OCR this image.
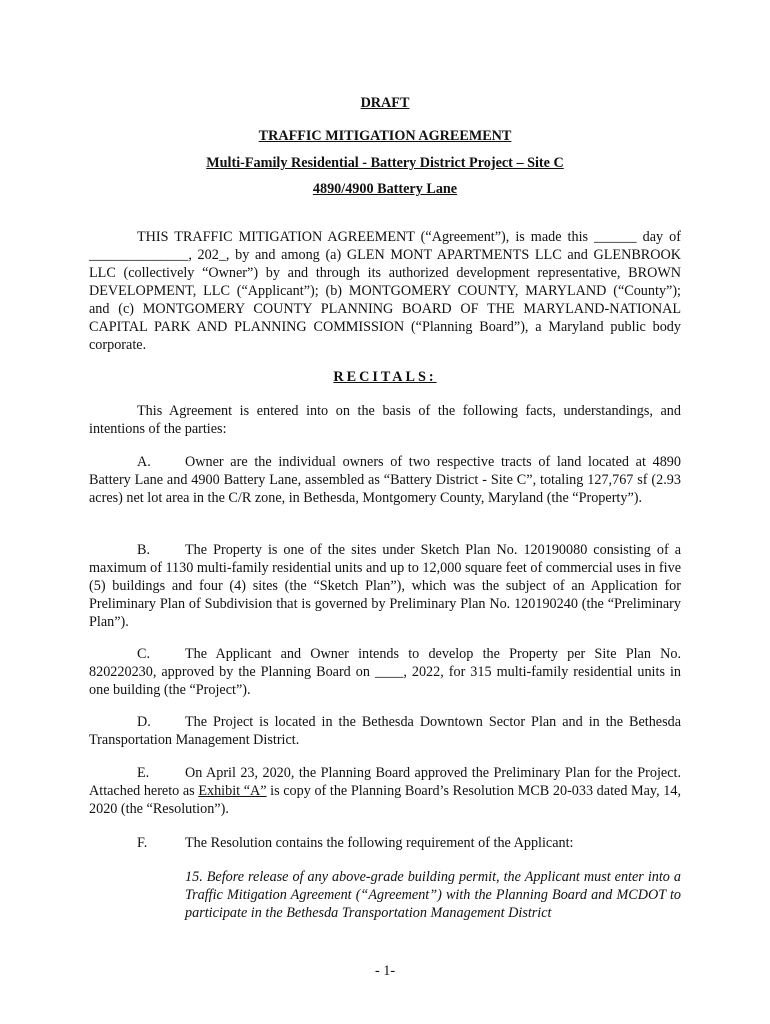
DRAFT
TRAFFIC MITIGATION AGREEMENT
Multi-Family Residential - Battery District Project – Site C
4890/4900 Battery Lane
THIS TRAFFIC MITIGATION AGREEMENT (“Agreement”), is made this ______ day of ______________, 202_, by and among (a) GLEN MONT APARTMENTS LLC and GLENBROOK LLC (collectively “Owner”) by and through its authorized development representative, BROWN DEVELOPMENT, LLC (“Applicant”); (b) MONTGOMERY COUNTY, MARYLAND (“County”); and (c) MONTGOMERY COUNTY PLANNING BOARD OF THE MARYLAND-NATIONAL CAPITAL PARK AND PLANNING COMMISSION (“Planning Board”), a Maryland public body corporate.
RECITALS:
This Agreement is entered into on the basis of the following facts, understandings, and intentions of the parties:
A. Owner are the individual owners of two respective tracts of land located at 4890 Battery Lane and 4900 Battery Lane, assembled as “Battery District - Site C”, totaling 127,767 sf (2.93 acres) net lot area in the C/R zone, in Bethesda, Montgomery County, Maryland (the “Property”).
B. The Property is one of the sites under Sketch Plan No. 120190080 consisting of a maximum of 1130 multi-family residential units and up to 12,000 square feet of commercial uses in five (5) buildings and four (4) sites (the “Sketch Plan”), which was the subject of an Application for Preliminary Plan of Subdivision that is governed by Preliminary Plan No. 120190240 (the “Preliminary Plan”).
C. The Applicant and Owner intends to develop the Property per Site Plan No. 820220230, approved by the Planning Board on ____, 2022, for 315 multi-family residential units in one building (the “Project”).
D. The Project is located in the Bethesda Downtown Sector Plan and in the Bethesda Transportation Management District.
E.	On April 23, 2020, the Planning Board approved the Preliminary Plan for the Project. Attached hereto as Exhibit “A” is copy of the Planning Board’s Resolution MCB 20-033 dated May, 14, 2020 (the “Resolution”).
F.	The Resolution contains the following requirement of the Applicant:
15. Before release of any above-grade building permit, the Applicant must enter into a Traffic Mitigation Agreement (“Agreement”) with the Planning Board and MCDOT to participate in the Bethesda Transportation Management District
- 1-
